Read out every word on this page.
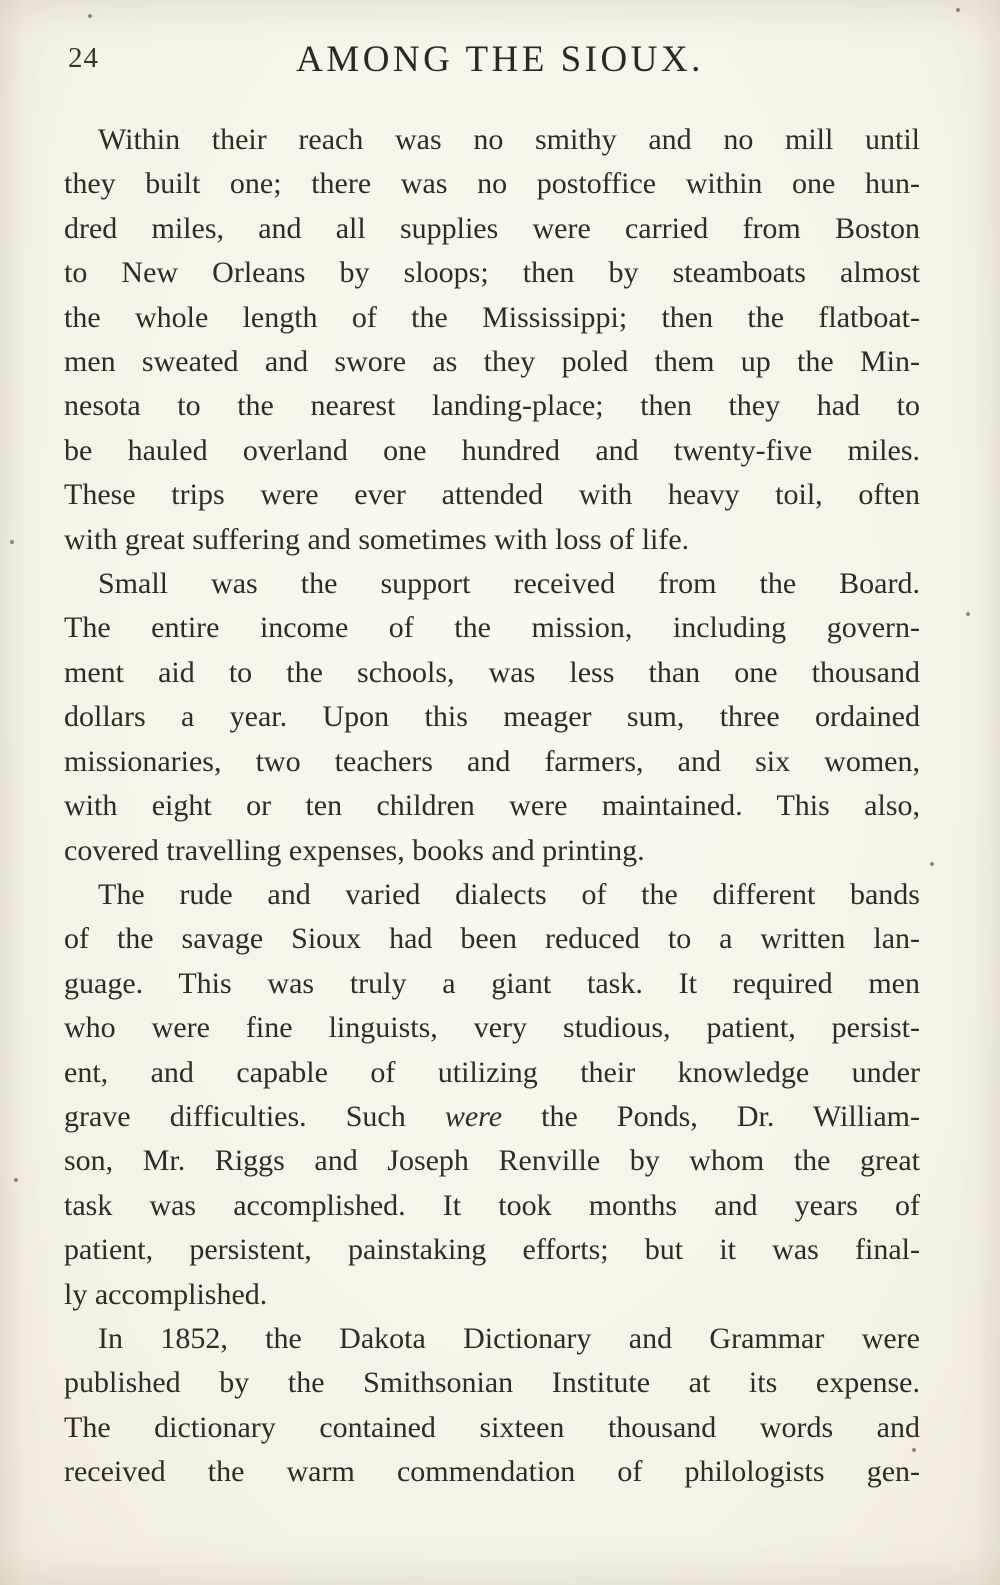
24	AMONG THE SIOUX.
Within their reach was no smithy and no mill until
they built one; there was no postoffice within one hun-
dred miles, and all supplies were carried from Boston
to New Orleans by sloops; then by steamboats almost
the whole length of the Mississippi; then the flatboat-
men sweated and swore as they poled them up the Min-
nesota to the nearest landing-place; then they had to
be hauled overland one hundred and twenty-five miles.
These trips were ever attended with heavy toil, often
with great suffering and sometimes with loss of life.
Small was the support received from the Board.
The entire income of the mission, including govern-
ment aid to the schools, was less than one thousand
dollars a year. Upon this meager sum, three ordained
missionaries, two teachers and farmers, and six women,
with eight or ten children were maintained. This also,
covered travelling expenses, books and printing.
The rude and varied dialects of the different bands
of the savage Sioux had been reduced to a written lan-
guage. This was truly a giant task. It required men
who were fine linguists, very studious, patient, persist-
ent, and capable of utilizing their knowledge under
grave difficulties. Such were the Ponds, Dr. William-
son, Mr. Riggs and Joseph Renville by whom the great
task was accomplished. It took months and years of
patient, persistent, painstaking efforts; but it was final-
ly accomplished.
In 1852, the Dakota Dictionary and Grammar were
published by the Smithsonian Institute at its expense.
The dictionary contained sixteen thousand words and
received the warm commendation of philologists gen-
